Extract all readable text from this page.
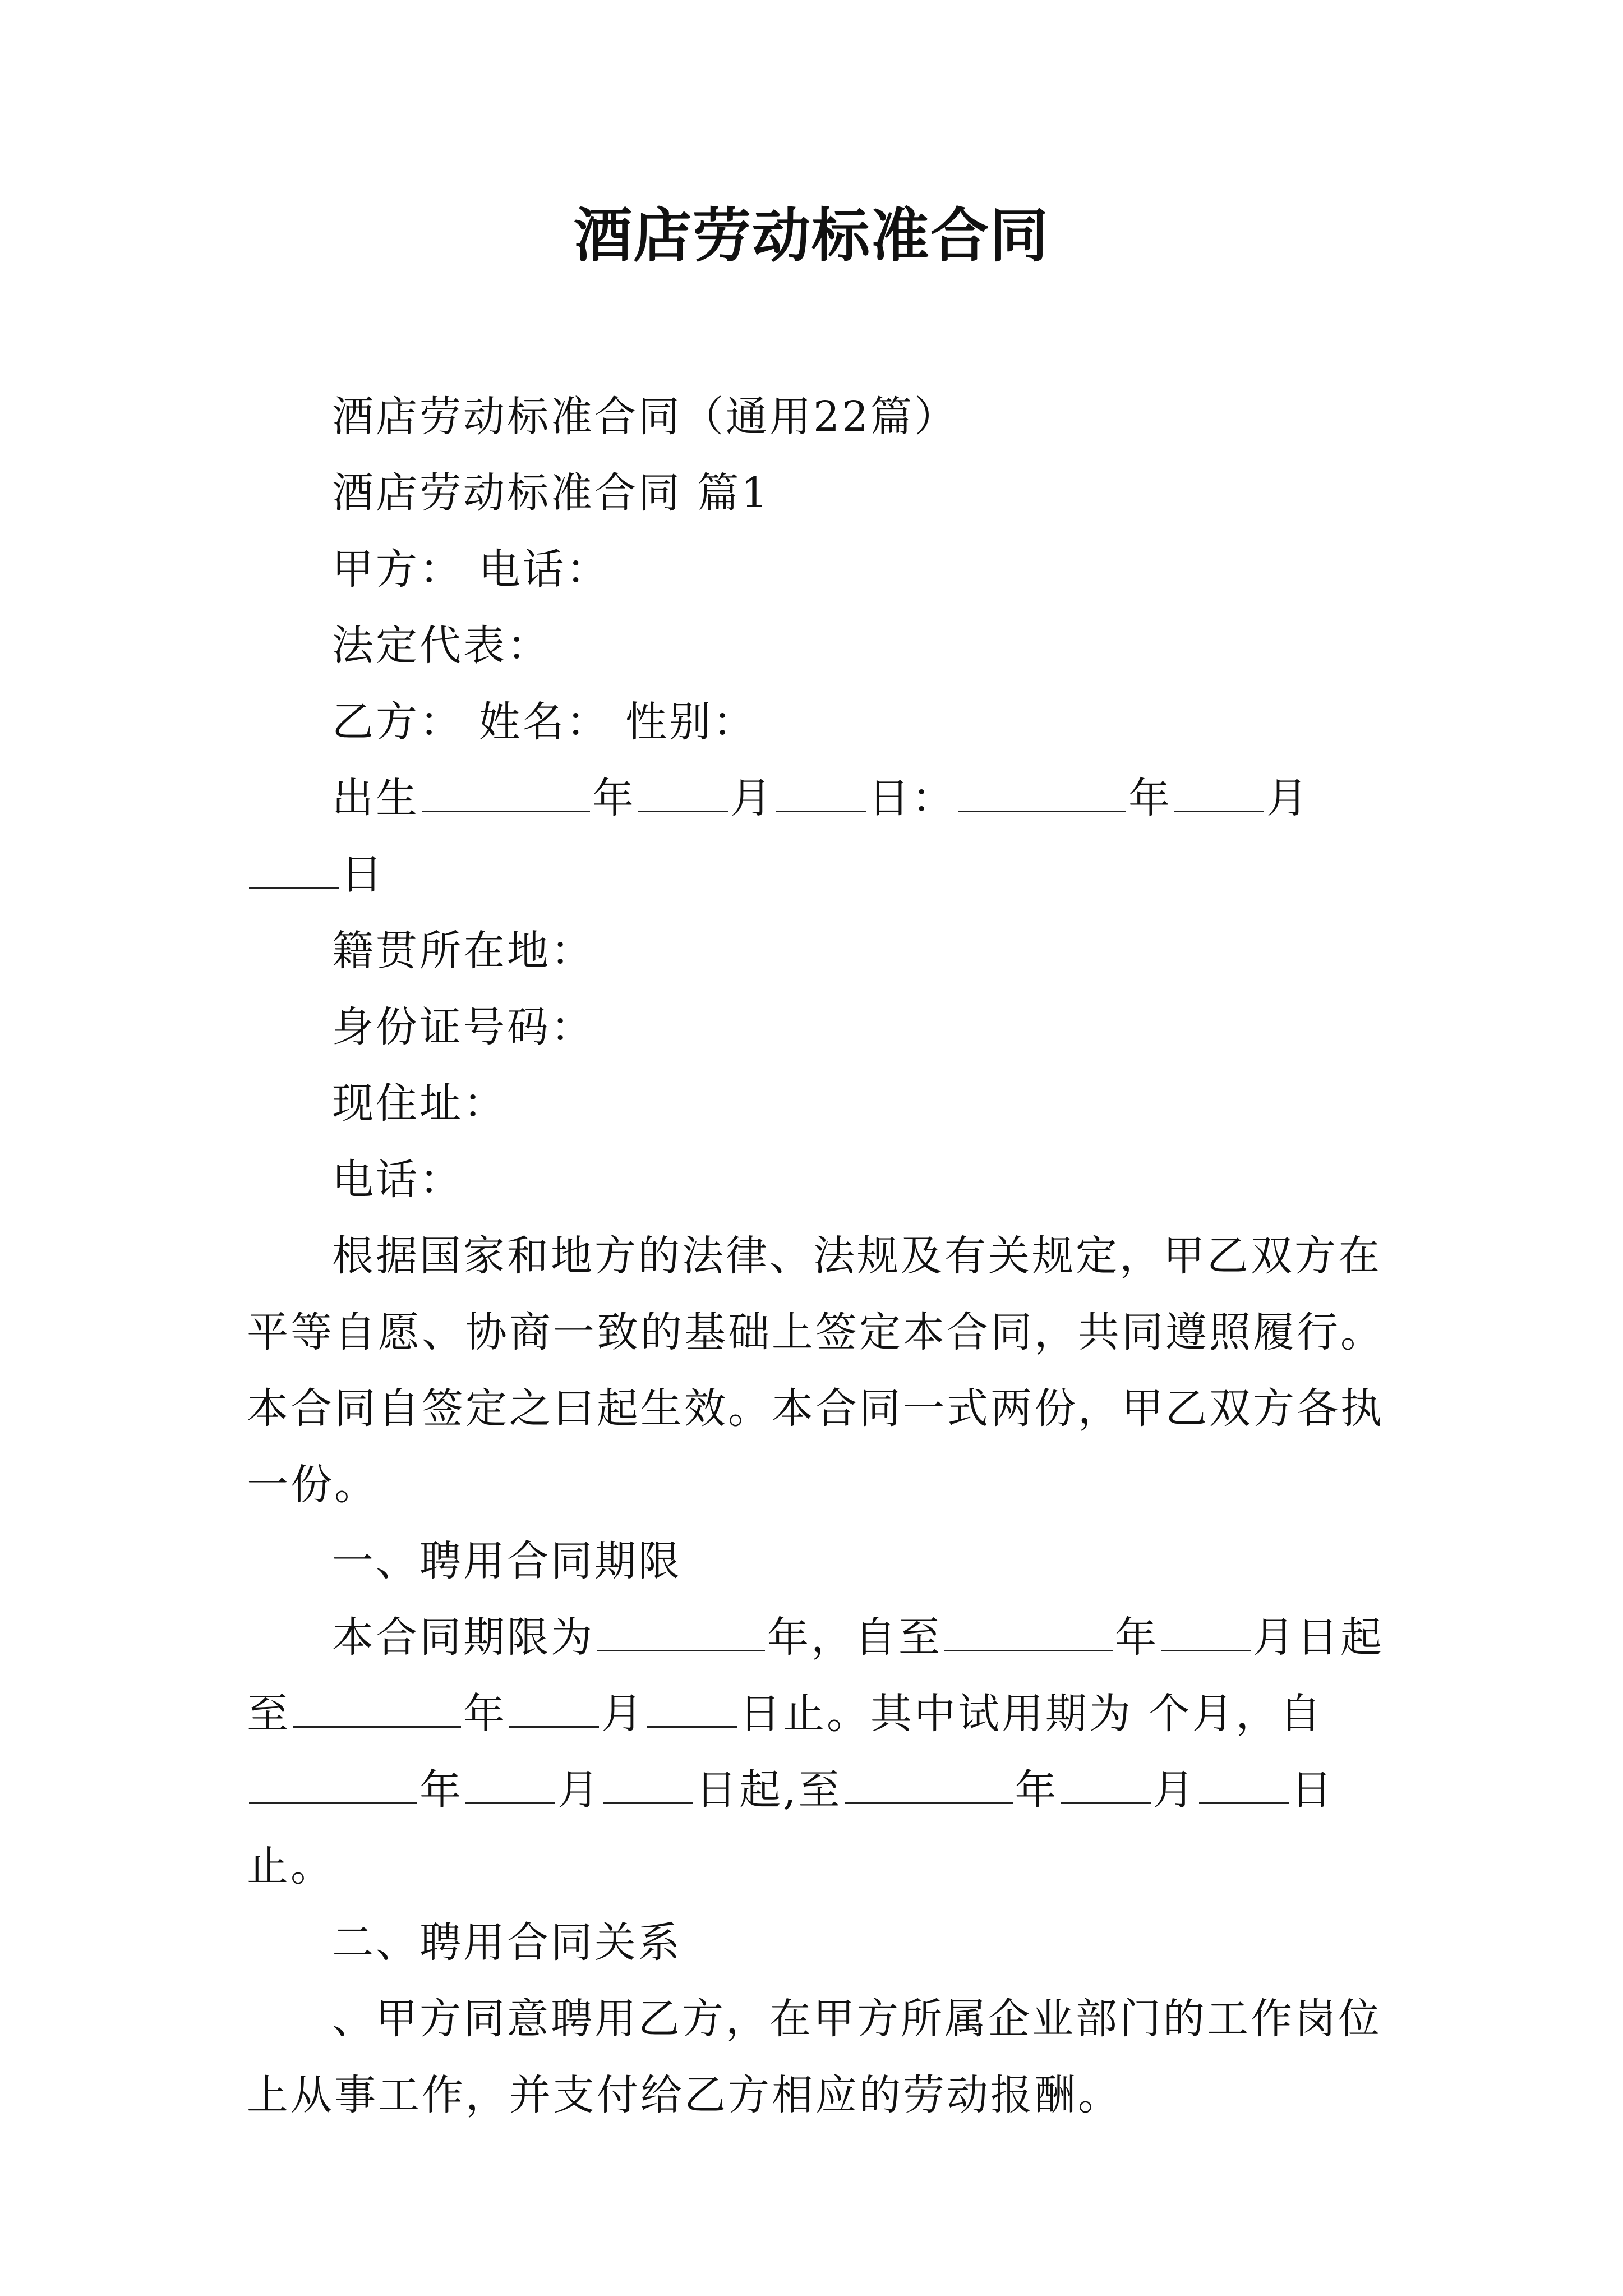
酒店劳动标准合同

酒店劳动标准合同（通用22篇）

酒店劳动标准合同 篇1

甲方： 电话：

法定代表：

乙方： 姓名： 性别：

出生	年 月 日：	年 月日

籍贯所在地：

身份证号码：

现住址：

电话：

根据国家和地方的法律、法规及有关规定，甲乙双方在平等自愿、协商一致的基础上签定本合同，共同遵照履行。本合同自签定之曰起生效。本合同一式两份，甲乙双方各执一份。

一、聘用合同期限

本合同期限为	年，自至	年 月日起至	年 月 日止。其中试用期为 个月，自年 月 日起,至	年 月 日止。

二、聘用合同关系

、甲方同意聘用乙方，在甲方所属企业部门的工作岗位上从事工作，并支付给乙方相应的劳动报酬。
